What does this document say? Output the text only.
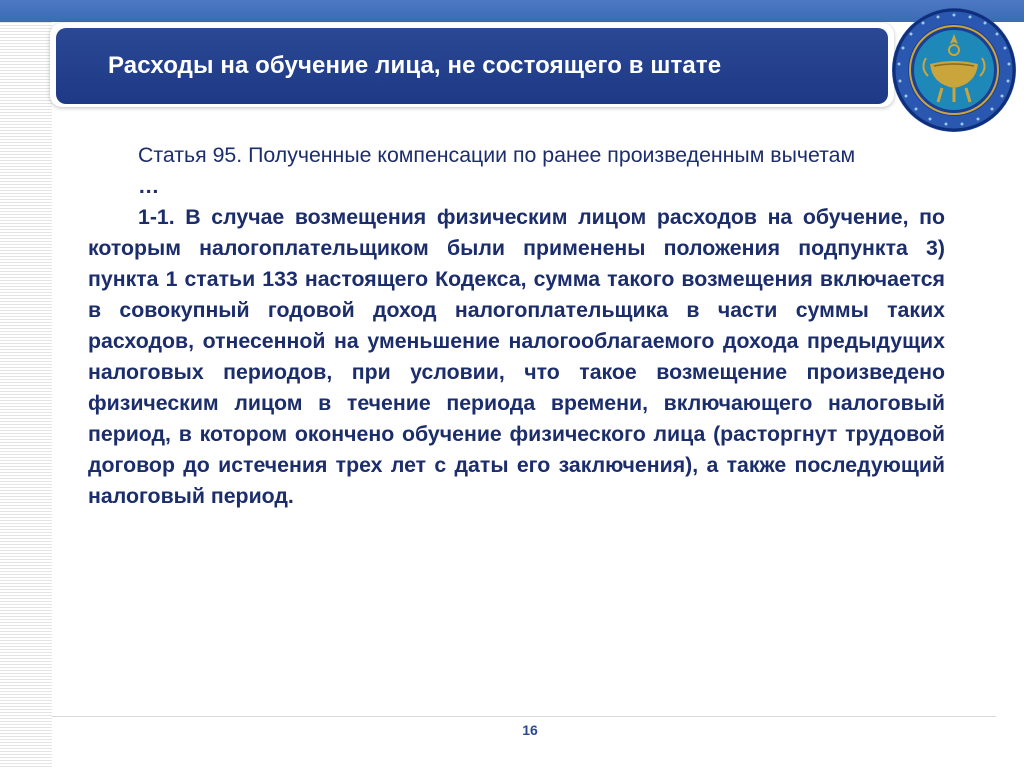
Расходы на обучение лица, не состоящего в штате

Статья 95. Полученные компенсации по ранее произведенным вычетам

…

1-1. В случае возмещения физическим лицом расходов на обучение, по которым налогоплательщиком были применены положения подпункта 3) пункта 1 статьи 133 настоящего Кодекса, сумма такого возмещения включается в совокупный годовой доход налогоплательщика в части суммы таких расходов, отнесенной на уменьшение налогооблагаемого дохода предыдущих налоговых периодов, при условии, что такое возмещение произведено физическим лицом в течение периода времени, включающего налоговый период, в котором окончено обучение физического лица (расторгнут трудовой договор до истечения трех лет с даты его заключения), а также последующий налоговый период.

16
